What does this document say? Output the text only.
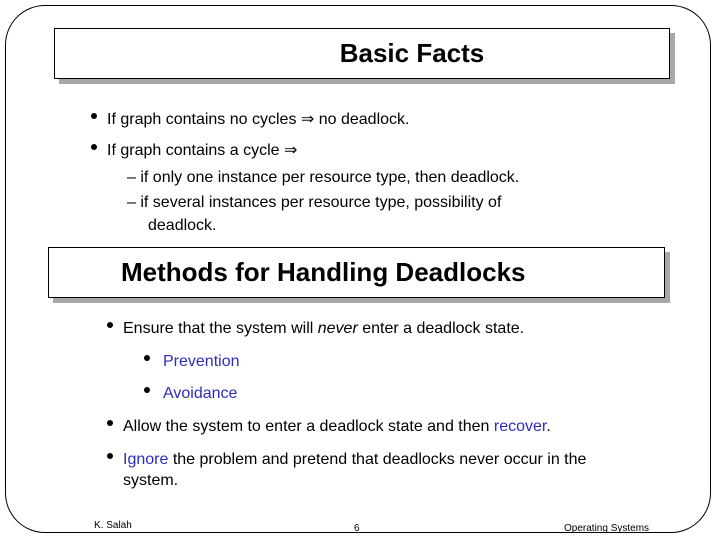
Basic Facts
If graph contains no cycles ⇒ no deadlock.
If graph contains a cycle ⇒
– if only one instance per resource type, then deadlock.
– if several instances per resource type, possibility of
deadlock.
Methods for Handling Deadlocks
Ensure that the system will never enter a deadlock state.
Prevention
Avoidance
Allow the system to enter a deadlock state and then recover.
Ignore the problem and pretend that deadlocks never occur in the
system.
K. Salah	6	Operating Systems
